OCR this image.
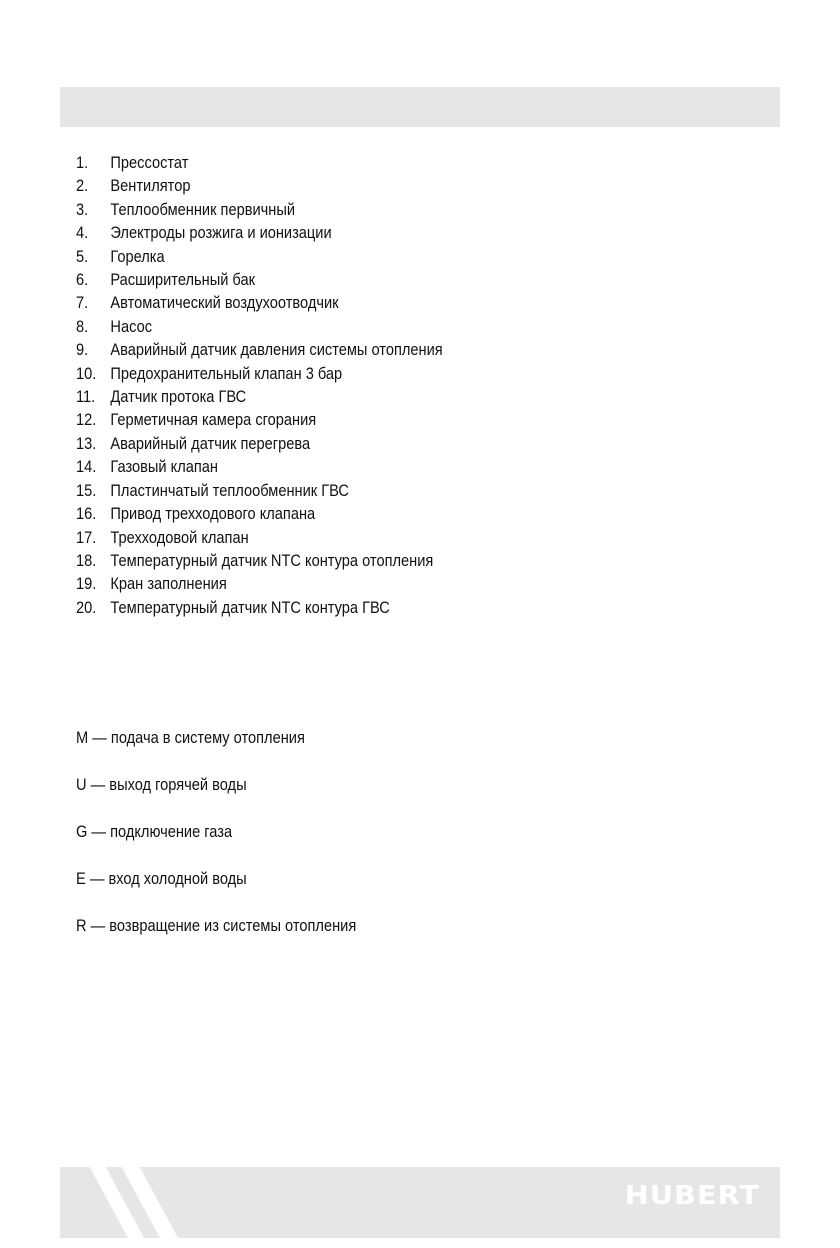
1.	Прессостат
2.	Вентилятор
3.	Теплообменник первичный
4.	Электроды розжига и ионизации
5.	Горелка
6.	Расширительный бак
7.	Автоматический воздухоотводчик
8.	Насос
9.	Аварийный датчик давления системы отопления
10. Предохранительный клапан 3 бар
11. Датчик протока ГВС
12. Герметичная камера сгорания
13. Аварийный датчик перегрева
14. Газовый клапан
15. Пластинчатый теплообменник ГВС
16. Привод трехходового клапана
17. Трехходовой клапан
18. Температурный датчик NTC контура отопления
19. Кран заполнения
20. Температурный датчик NTC контура ГВС
M — подача в систему отопления
U — выход горячей воды
G — подключение газа
E — вход холодной воды
R — возвращение из системы отопления
HUBERT
